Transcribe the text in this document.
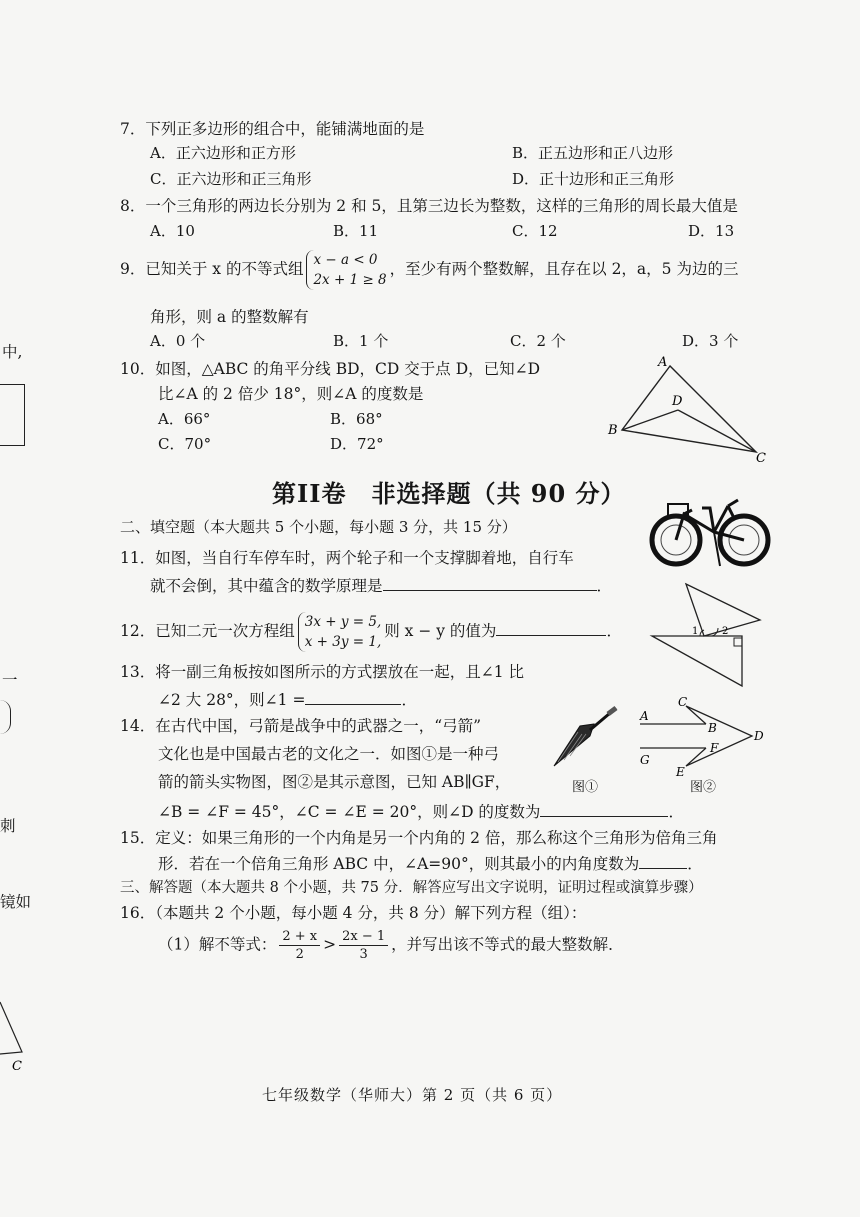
中,
一
刺
镜如
C
7．下列正多边形的组合中，能铺满地面的是
A．正六边形和正方形	B．正五边形和正八边形
C．正六边形和正三角形	D．正十边形和正三角形
8．一个三角形的两边长分别为 2 和 5，且第三边长为整数，这样的三角形的周长最大值是
A．10	B．11	C．12	D．13
9．已知关于 x 的不等式组 x − a < 0
2x + 1 ≥ 8
，至少有两个整数解，且存在以 2，a，5 为边的三
角形，则 a 的整数解有
A．0 个	B．1 个	C．2 个	D．3 个
10．如图，△ABC 的角平分线 BD，CD 交于点 D，已知∠D
比∠A 的 2 倍少 18°，则∠A 的度数是
A．66°	B．68°
C．70°	D．72°
A
B
C
D
第II卷　非选择题（共 90 分）
二、填空题（本大题共 5 个小题，每小题 3 分，共 15 分）
11．如图，当自行车停车时，两个轮子和一个支撑脚着地，自行车
就不会倒，其中蕴含的数学原理是	．
12．已知二元一次方程组 3x + y = 5,
x + 3y = 1,
则 x − y 的值为	．	1 2
13．将一副三角板按如图所示的方式摆放在一起，且∠1 比
∠2 大 28°，则∠1 =	．
14．在古代中国，弓箭是战争中的武器之一，“弓箭”
文化也是中国最古老的文化之一．如图①是一种弓
箭的箭头实物图，图②是其示意图，已知 AB∥GF，
∠B = ∠F = 45°，∠C = ∠E = 20°，则∠D 的度数为	．
图①
A
B
C
D
E
F
G
图②
15．定义：如果三角形的一个内角是另一个内角的 2 倍，那么称这个三角形为倍角三角
形．若在一个倍角三角形 ABC 中，∠A=90°，则其最小的内角度数为	．
三、解答题（本大题共 8 个小题，共 75 分．解答应写出文字说明，证明过程或演算步骤）
16．（本题共 2 个小题，每小题 4 分，共 8 分）解下列方程（组）：
（1）解不等式： $\frac{2 + x}{2} > \frac{2x - 1}{3}$ ，并写出该不等式的最大整数解．
七年级数学（华师大）第 2 页（共 6 页）
